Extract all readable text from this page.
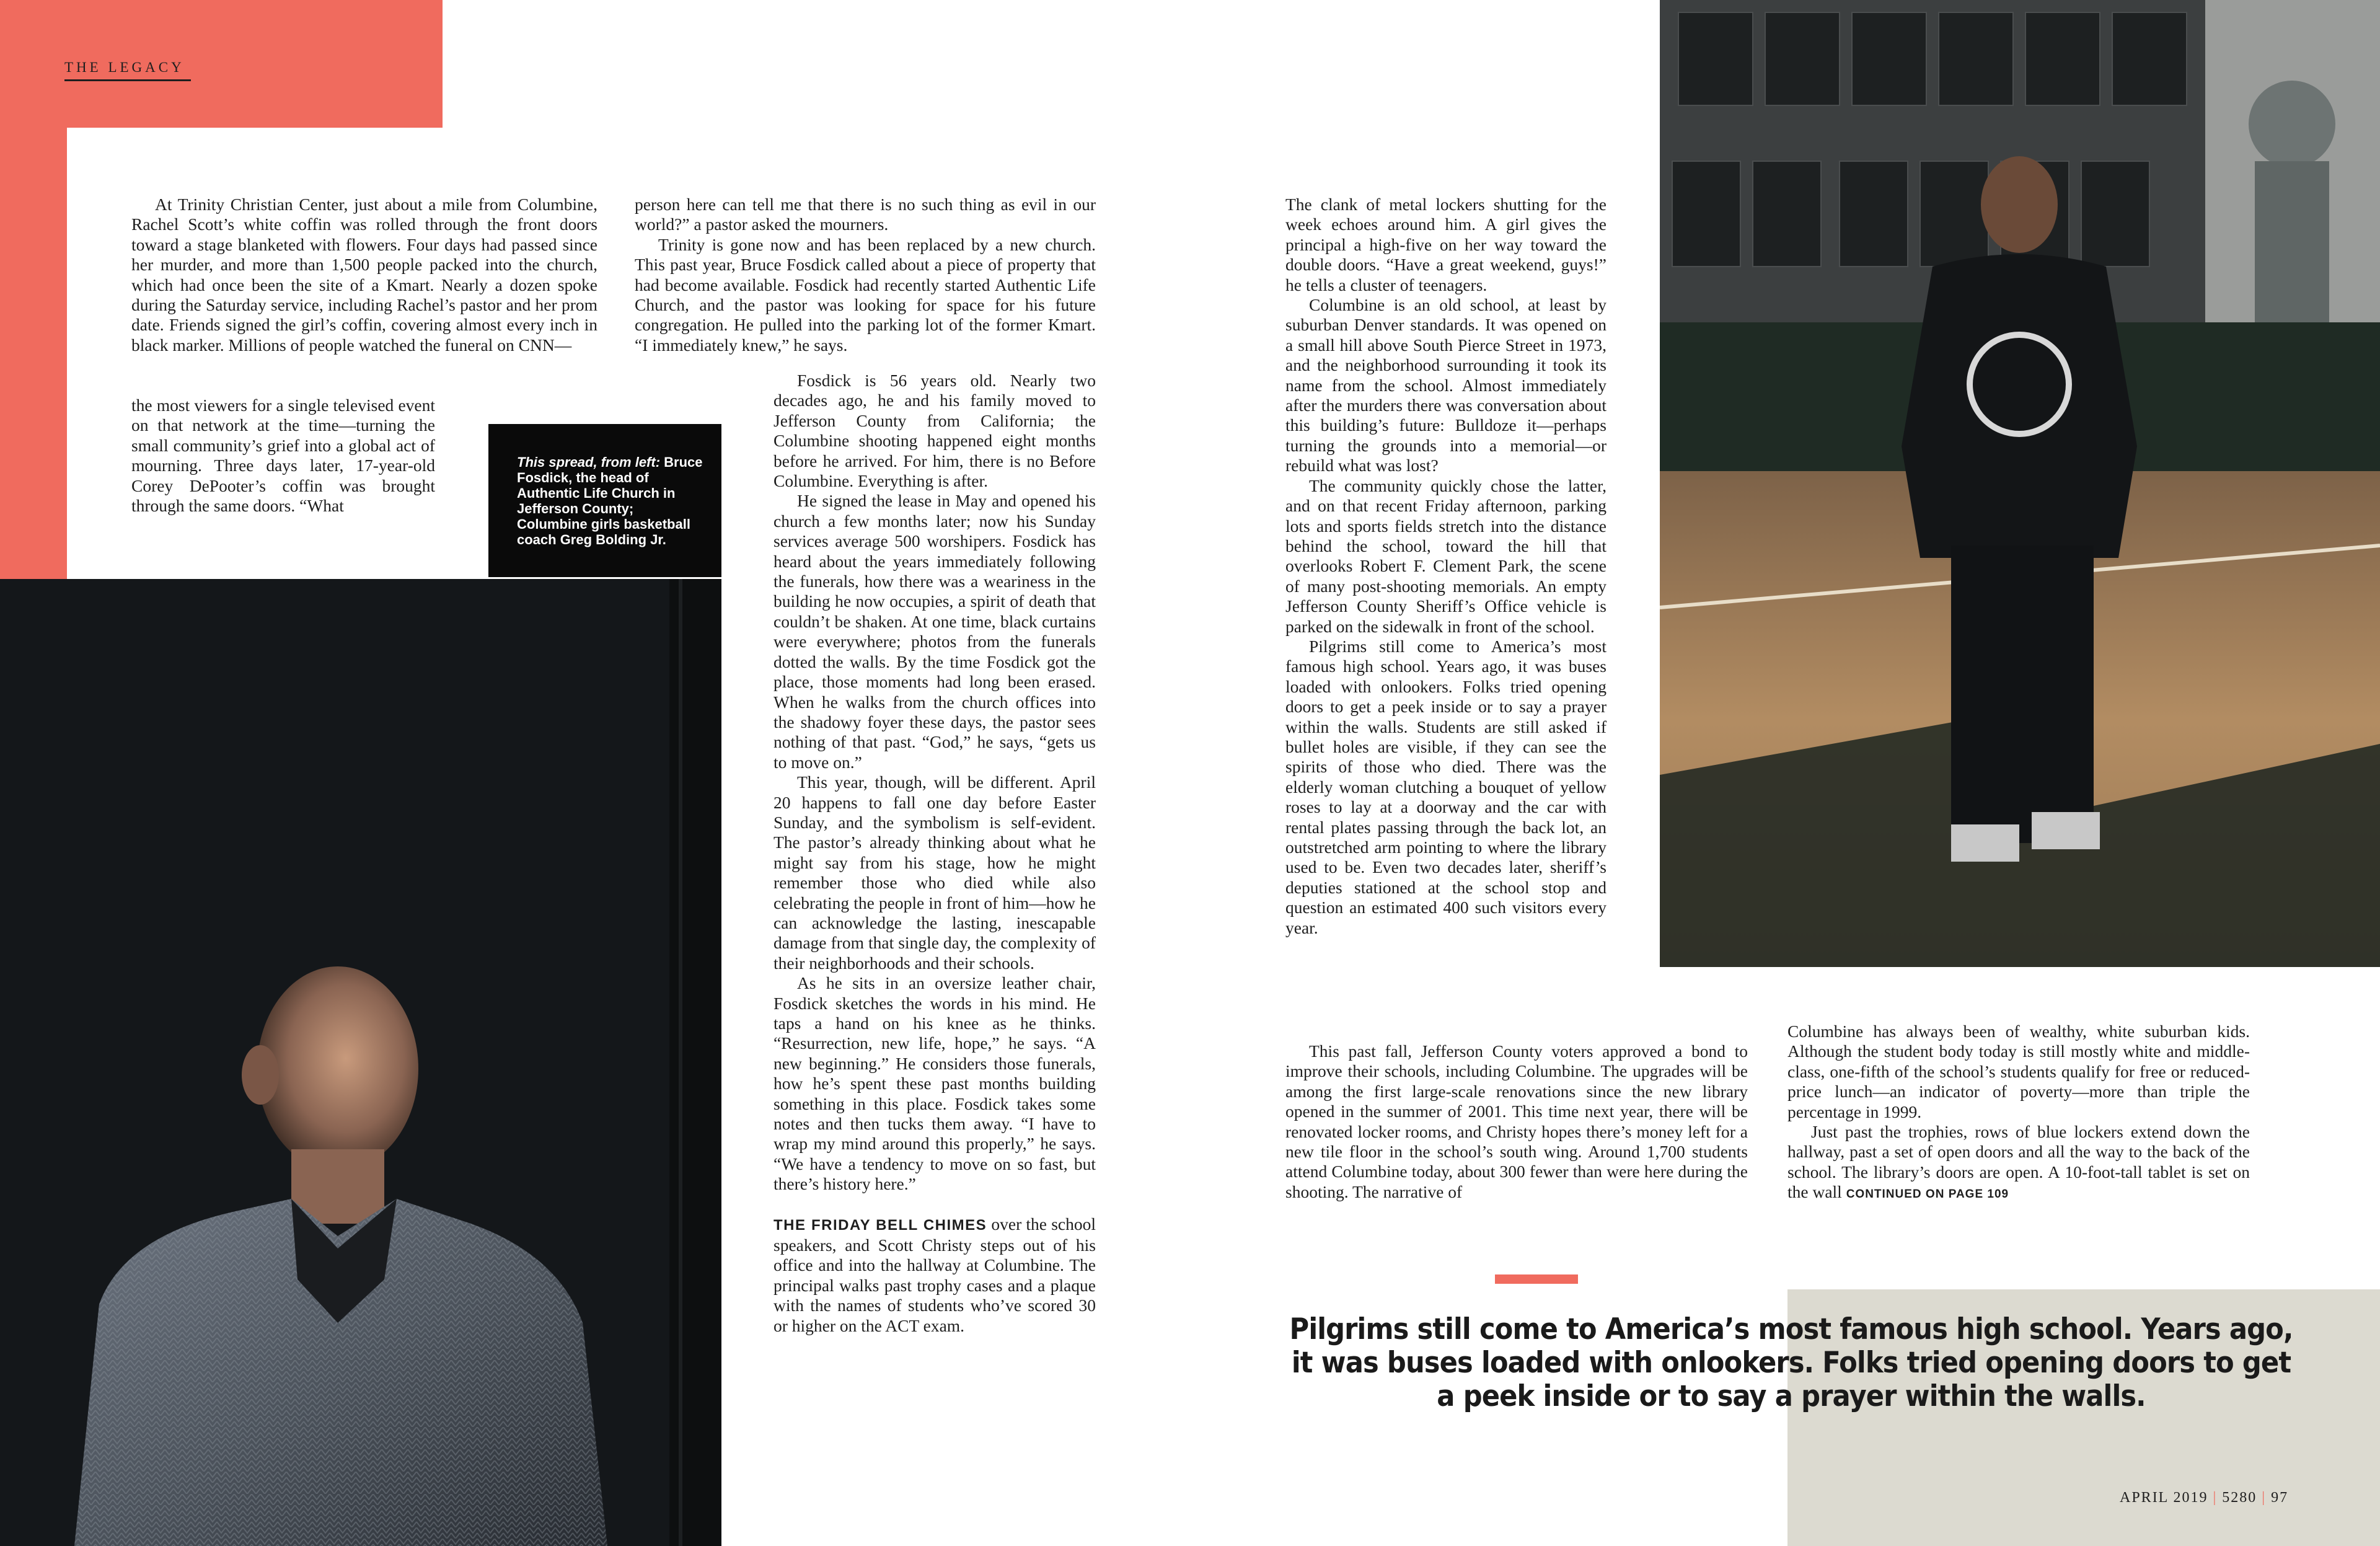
THE LEGACY

At Trinity Christian Center, just about a mile from Columbine, Rachel Scott’s white coffin was rolled through the front doors toward a stage blanketed with flowers. Four days had passed since her murder, and more than 1,500 people packed into the church, which had once been the site of a Kmart. Nearly a dozen spoke during the Saturday service, including Rachel’s pastor and her prom date. Friends signed the girl’s coffin, covering almost every inch in black marker. Millions of people watched the funeral on CNN—

the most viewers for a single televised event on that network at the time—turning the small community’s grief into a global act of mourning. Three days later, 17-year-old Corey DePooter’s coffin was brought through the same doors. “What

This spread, from left: Bruce Fosdick, the head of Authentic Life Church in Jefferson County; Columbine girls basketball coach Greg Bolding Jr.

person here can tell me that there is no such thing as evil in our world?” a pastor asked the mourners.

Trinity is gone now and has been replaced by a new church. This past year, Bruce Fosdick called about a piece of property that had become available. Fosdick had recently started Authentic Life Church, and the pastor was looking for space for his future congregation. He pulled into the parking lot of the former Kmart. “I immediately knew,” he says.

Fosdick is 56 years old. Nearly two decades ago, he and his family moved to Jefferson County from California; the Columbine shooting happened eight months before he arrived. For him, there is no Before Columbine. Everything is after.

He signed the lease in May and opened his church a few months later; now his Sunday services average 500 worshipers. Fosdick has heard about the years immediately following the funerals, how there was a weariness in the building he now occupies, a spirit of death that couldn’t be shaken. At one time, black curtains were everywhere; photos from the funerals dotted the walls. By the time Fosdick got the place, those moments had long been erased. When he walks from the church offices into the shadowy foyer these days, the pastor sees nothing of that past. “God,” he says, “gets us to move on.”

This year, though, will be different. April 20 happens to fall one day before Easter Sunday, and the symbolism is self-evident. The pastor’s already thinking about what he might say from his stage, how he might remember those who died while also celebrating the people in front of him—how he can acknowledge the lasting, inescapable damage from that single day, the complexity of their neighborhoods and their schools.

As he sits in an oversize leather chair, Fosdick sketches the words in his mind. He taps a hand on his knee as he thinks. “Resurrection, new life, hope,” he says. “A new beginning.” He considers those funerals, how he’s spent these past months building something in this place. Fosdick takes some notes and then tucks them away. “I have to wrap my mind around this properly,” he says. “We have a tendency to move on so fast, but there’s history here.”

THE FRIDAY BELL CHIMES over the school speakers, and Scott Christy steps out of his office and into the hallway at Columbine. The principal walks past trophy cases and a plaque with the names of students who’ve scored 30 or higher on the ACT exam.

The clank of metal lockers shutting for the week echoes around him. A girl gives the principal a high-five on her way toward the double doors. “Have a great weekend, guys!” he tells a cluster of teenagers.

Columbine is an old school, at least by suburban Denver standards. It was opened on a small hill above South Pierce Street in 1973, and the neighborhood surrounding it took its name from the school. Almost immediately after the murders there was conversation about this building’s future: Bulldoze it—perhaps turning the grounds into a memorial—or rebuild what was lost?

The community quickly chose the latter, and on that recent Friday afternoon, parking lots and sports fields stretch into the distance behind the school, toward the hill that overlooks Robert F. Clement Park, the scene of many post-shooting memorials. An empty Jefferson County Sheriff’s Office vehicle is parked on the sidewalk in front of the school.

Pilgrims still come to America’s most famous high school. Years ago, it was buses loaded with onlookers. Folks tried opening doors to get a peek inside or to say a prayer within the walls. Students are still asked if bullet holes are visible, if they can see the spirits of those who died. There was the elderly woman clutching a bouquet of yellow roses to lay at a doorway and the car with rental plates passing through the back lot, an outstretched arm pointing to where the library used to be. Even two decades later, sheriff’s deputies stationed at the school stop and question an estimated 400 such visitors every year.

This past fall, Jefferson County voters approved a bond to improve their schools, including Columbine. The upgrades will be among the first large-scale renovations since the new library opened in the summer of 2001. This time next year, there will be renovated locker rooms, and Christy hopes there’s money left for a new tile floor in the school’s south wing. Around 1,700 students attend Columbine today, about 300 fewer than were here during the shooting. The narrative of

Columbine has always been of wealthy, white suburban kids. Although the student body today is still mostly white and middle-class, one-fifth of the school’s students qualify for free or reduced-price lunch—an indicator of poverty—more than triple the percentage in 1999.

Just past the trophies, rows of blue lockers extend down the hallway, past a set of open doors and all the way to the back of the school. The library’s doors are open. A 10-foot-tall tablet is set on the wall CONTINUED ON PAGE 109

Pilgrims still come to America’s most famous high school. Years ago, it was buses loaded with onlookers. Folks tried opening doors to get a peek inside or to say a prayer within the walls.
APRIL 2019 | 5280 | 97
